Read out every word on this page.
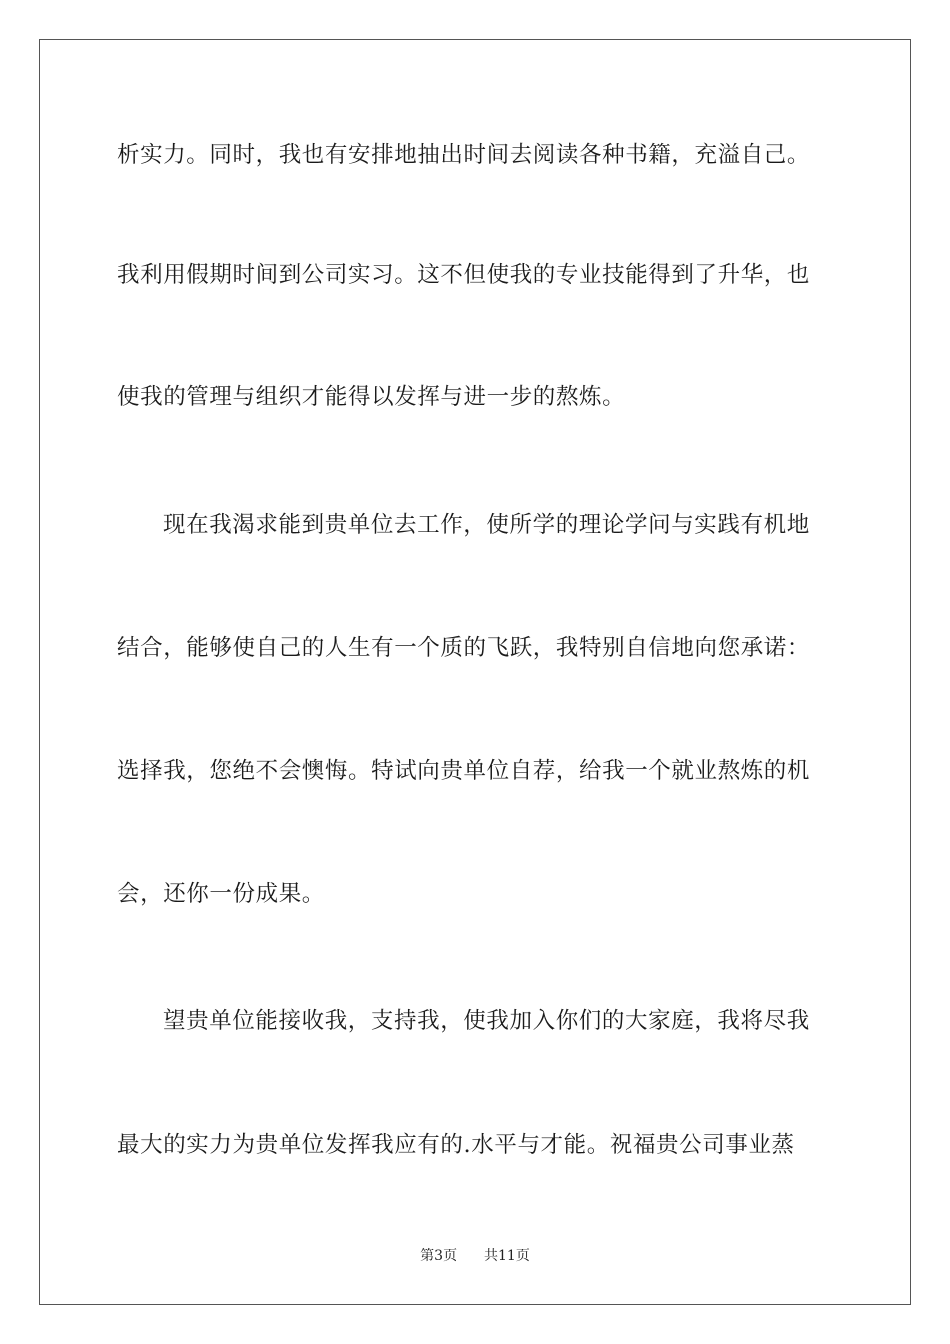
析实力。同时，我也有安排地抽出时间去阅读各种书籍，充溢自己。
我利用假期时间到公司实习。这不但使我的专业技能得到了升华，也
使我的管理与组织才能得以发挥与进一步的熬炼。
现在我渴求能到贵单位去工作，使所学的理论学问与实践有机地
结合，能够使自己的人生有一个质的飞跃，我特别自信地向您承诺：
选择我，您绝不会懊悔。特试向贵单位自荐，给我一个就业熬炼的机
会，还你一份成果。
望贵单位能接收我，支持我，使我加入你们的大家庭，我将尽我
最大的实力为贵单位发挥我应有的.水平与才能。祝福贵公司事业蒸
第3页 共11页
